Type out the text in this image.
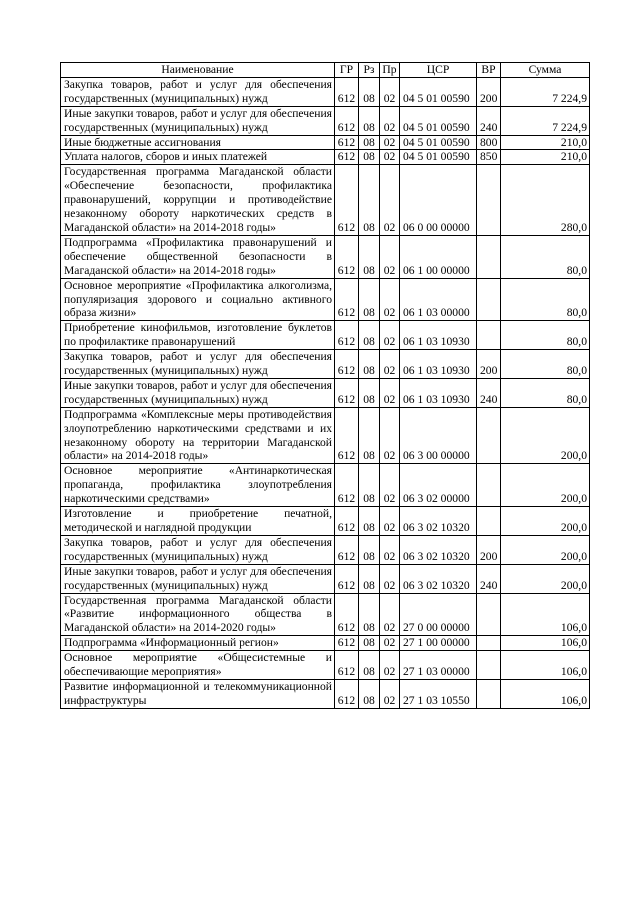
Наименование	ГР	Рз	Пр	ЦСР	ВР	Сумма
Закупка товаров, работ и услуг для обеспечения государственных (муниципальных) нужд	612	08	02	04 5 01 00590	200	7 224,9
Иные закупки товаров, работ и услуг для обеспечения государственных (муниципальных) нужд	612	08	02	04 5 01 00590	240	7 224,9
Иные бюджетные ассигнования	612	08	02	04 5 01 00590	800	210,0
Уплата налогов, сборов и иных платежей	612	08	02	04 5 01 00590	850	210,0
Государственная программа Магаданской области «Обеспечение безопасности, профилактика правонарушений, коррупции и противодействие незаконному обороту наркотических средств в Магаданской области» на 2014-2018 годы»	612	08	02	06 0 00 00000		280,0
Подпрограмма «Профилактика правонарушений и обеспечение общественной безопасности в Магаданской области» на 2014-2018 годы»	612	08	02	06 1 00 00000		80,0
Основное мероприятие «Профилактика алкоголизма, популяризация здорового и социально активного образа жизни»	612	08	02	06 1 03 00000		80,0
Приобретение кинофильмов, изготовление буклетов по профилактике правонарушений	612	08	02	06 1 03 10930		80,0
Закупка товаров, работ и услуг для обеспечения государственных (муниципальных) нужд	612	08	02	06 1 03 10930	200	80,0
Иные закупки товаров, работ и услуг для обеспечения государственных (муниципальных) нужд	612	08	02	06 1 03 10930	240	80,0
Подпрограмма «Комплексные меры противодействия злоупотреблению наркотическими средствами и их незаконному обороту на территории Магаданской области» на 2014-2018 годы»	612	08	02	06 3 00 00000		200,0
Основное мероприятие «Антинаркотическая пропаганда, профилактика злоупотребления наркотическими средствами»	612	08	02	06 3 02 00000		200,0
Изготовление и приобретение печатной, методической и наглядной продукции	612	08	02	06 3 02 10320		200,0
Закупка товаров, работ и услуг для обеспечения государственных (муниципальных) нужд	612	08	02	06 3 02 10320	200	200,0
Иные закупки товаров, работ и услуг для обеспечения государственных (муниципальных) нужд	612	08	02	06 3 02 10320	240	200,0
Государственная программа Магаданской области «Развитие информационного общества в Магаданской области» на 2014-2020 годы»	612	08	02	27 0 00 00000		106,0
Подпрограмма «Информационный регион»	612	08	02	27 1 00 00000		106,0
Основное мероприятие «Общесистемные и обеспечивающие мероприятия»	612	08	02	27 1 03 00000		106,0
Развитие информационной и телекоммуникационной инфраструктуры	612	08	02	27 1 03 10550		106,0
